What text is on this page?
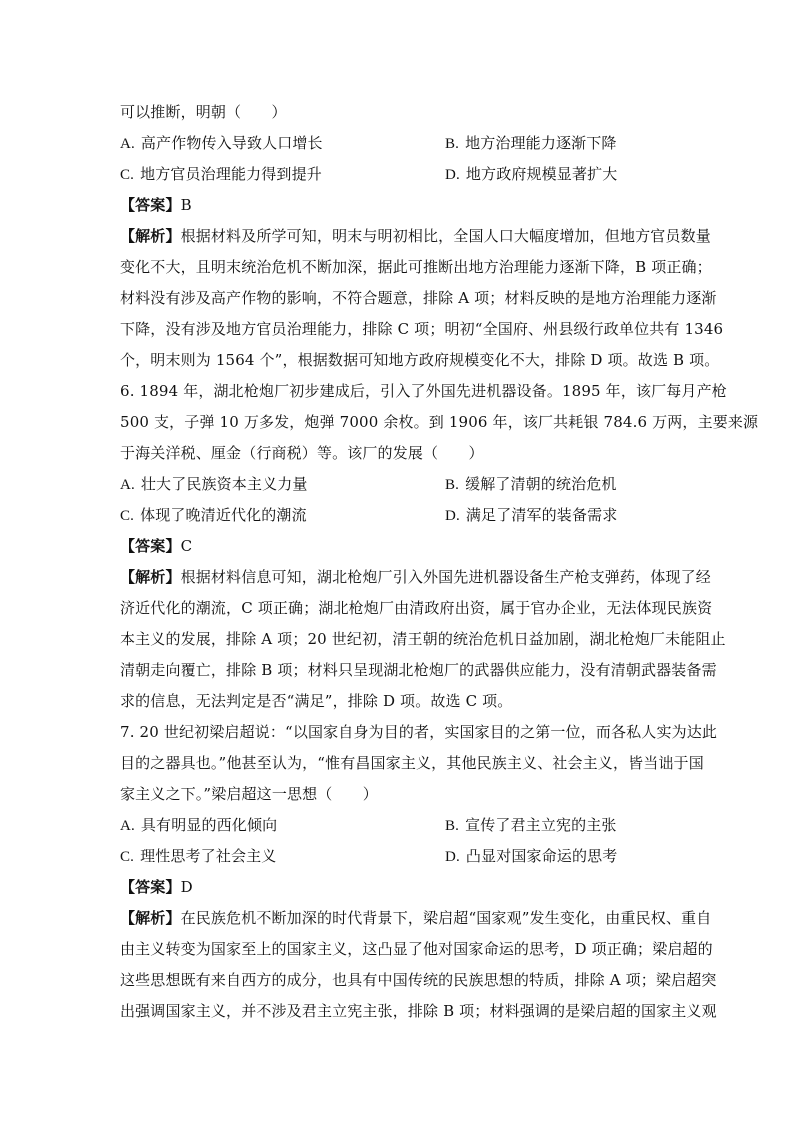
可以推断，明朝（　　）
A. 高产作物传入导致人口增长	B. 地方治理能力逐渐下降
C. 地方官员治理能力得到提升	D. 地方政府规模显著扩大
【答案】B
【解析】根据材料及所学可知，明末与明初相比，全国人口大幅度增加，但地方官员数量
变化不大，且明末统治危机不断加深，据此可推断出地方治理能力逐渐下降，B 项正确；
材料没有涉及高产作物的影响，不符合题意，排除 A 项；材料反映的是地方治理能力逐渐
下降，没有涉及地方官员治理能力，排除 C 项；明初“全国府、州县级行政单位共有 1346
个，明末则为 1564 个”，根据数据可知地方政府规模变化不大，排除 D 项。故选 B 项。
6. 1894 年，湖北枪炮厂初步建成后，引入了外国先进机器设备。1895 年，该厂每月产枪
500 支，子弹 10 万多发，炮弹 7000 余枚。到 1906 年，该厂共耗银 784.6 万两，主要来源
于海关洋税、厘金（行商税）等。该厂的发展（　　）
A. 壮大了民族资本主义力量	B. 缓解了清朝的统治危机
C. 体现了晚清近代化的潮流	D. 满足了清军的装备需求
【答案】C
【解析】根据材料信息可知，湖北枪炮厂引入外国先进机器设备生产枪支弹药，体现了经
济近代化的潮流，C 项正确；湖北枪炮厂由清政府出资，属于官办企业，无法体现民族资
本主义的发展，排除 A 项；20 世纪初，清王朝的统治危机日益加剧，湖北枪炮厂未能阻止
清朝走向覆亡，排除 B 项；材料只呈现湖北枪炮厂的武器供应能力，没有清朝武器装备需
求的信息，无法判定是否“满足”，排除 D 项。故选 C 项。
7. 20 世纪初梁启超说：“以国家自身为目的者，实国家目的之第一位，而各私人实为达此
目的之器具也。”他甚至认为，“惟有昌国家主义，其他民族主义、社会主义，皆当诎于国
家主义之下。”梁启超这一思想（　　）
A. 具有明显的西化倾向	B. 宣传了君主立宪的主张
C. 理性思考了社会主义	D. 凸显对国家命运的思考
【答案】D
【解析】在民族危机不断加深的时代背景下，梁启超“国家观”发生变化，由重民权、重自
由主义转变为国家至上的国家主义，这凸显了他对国家命运的思考，D 项正确；梁启超的
这些思想既有来自西方的成分，也具有中国传统的民族思想的特质，排除 A 项；梁启超突
出强调国家主义，并不涉及君主立宪主张，排除 B 项；材料强调的是梁启超的国家主义观
